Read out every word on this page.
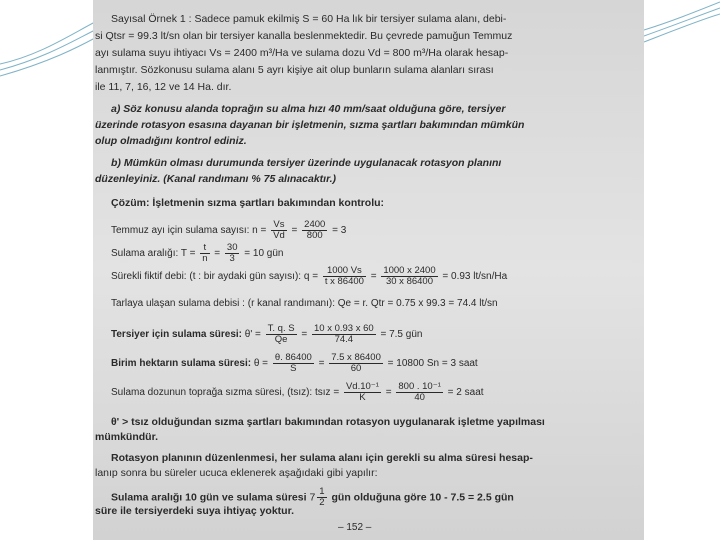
Sayısal Örnek 1 : Sadece pamuk ekilmiş S = 60 Ha lık bir tersiyer sulama alanı, debi-
si Qtsr = 99.3 lt/sn olan bir tersiyer kanalla beslenmektedir. Bu çevrede pamuğun Temmuz
ayı sulama suyu ihtiyacı Vs = 2400 m³/Ha ve sulama dozu Vd = 800 m³/Ha olarak hesap-
lanmıştır. Sözkonusu sulama alanı 5 ayrı kişiye ait olup bunların sulama alanları sırası
ile 11, 7, 16, 12 ve 14 Ha. dır.
a) Söz konusu alanda toprağın su alma hızı 40 mm/saat olduğuna göre, tersiyer
üzerinde rotasyon esasına dayanan bir işletmenin, sızma şartları bakımından mümkün
olup olmadığını kontrol ediniz.
b) Mümkün olması durumunda tersiyer üzerinde uygulanacak rotasyon planını
düzenleyiniz. (Kanal randımanı % 75 alınacaktır.)
Çözüm: İşletmenin sızma şartları bakımından kontrolu:
Temmuz ayı için sulama sayısı: $n = \frac{Vs}{Vd} = \frac{2400}{800} = 3$
Sulama aralığı: $T = \frac{t}{n} = \frac{30}{3} = 10$ gün
Sürekli fiktif debi: (t : bir aydaki gün sayısı): $q = \frac{1000 Vs}{\text{t x 86400}} = \frac{1000 x 2400}{30 x 86400} = 0.93$ lt/sn/Ha
Tarlaya ulaşan sulama debisi : (r kanal randımanı): Qe = r. Qtr = 0.75 x 99.3 = 74.4 lt/sn
Tersiyer için sulama süresi: $\theta' = \frac{T. q. S}{Qe} = \frac{10 x 0.93 x 60}{74.4} = 7.5$ gün
Birim hektarın sulama süresi: $\theta = \frac{\theta. 86400}{S} = \frac{7.5 x 86400}{60} = 10800$ Sn = 3 saat
Sulama dozunun toprağa sızma süresi, (tsız): tsız = $\frac{\text{Vd.10⁻¹}}{K} = \frac{\text{800 . 10⁻¹}}{40} = 2$ saat
θ' > tsız olduğundan sızma şartları bakımından rotasyon uygulanarak işletme yapılması
mümkündür.
Rotasyon planının düzenlenmesi, her sulama alanı için gerekli su alma süresi hesap-
lanıp sonra bu süreler ucuca eklenerek aşağıdaki gibi yapılır:
Sulama aralığı 10 gün ve sulama süresi $7 \frac{1}{2}$ gün olduğuna göre 10 - 7.5 = 2.5 gün
süre ile tersiyerdeki suya ihtiyaç yoktur.
– 152 –
